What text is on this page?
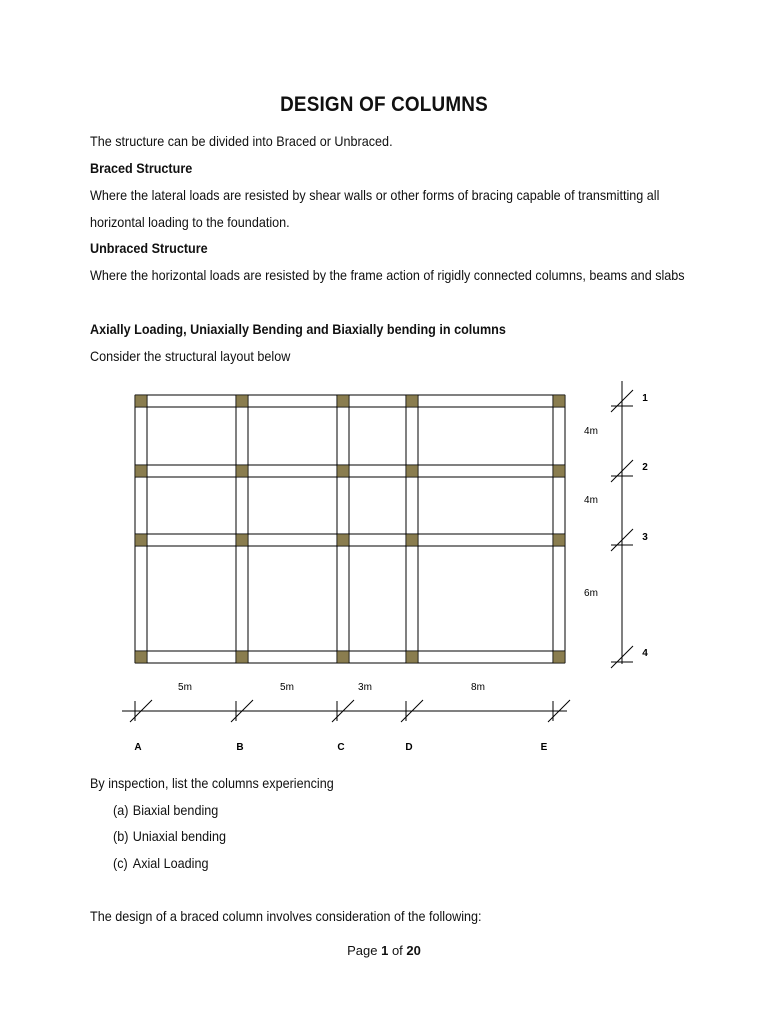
DESIGN OF COLUMNS
The structure can be divided into Braced or Unbraced.
Braced Structure
Where the lateral loads are resisted by shear walls or other forms of bracing capable of transmitting all
horizontal loading to the foundation.
Unbraced Structure
Where the horizontal loads are resisted by the frame action of rigidly connected columns, beams and slabs
Axially Loading, Uniaxially Bending and Biaxially bending in columns
Consider the structural layout below
5m	5m	3m	8m
A	B	C	D	E
4m
4m
6m
1
2
3
4
By inspection, list the columns experiencing
(a) Biaxial bending
(b) Uniaxial bending
(c) Axial Loading
The design of a braced column involves consideration of the following:
Page 1 of 20
